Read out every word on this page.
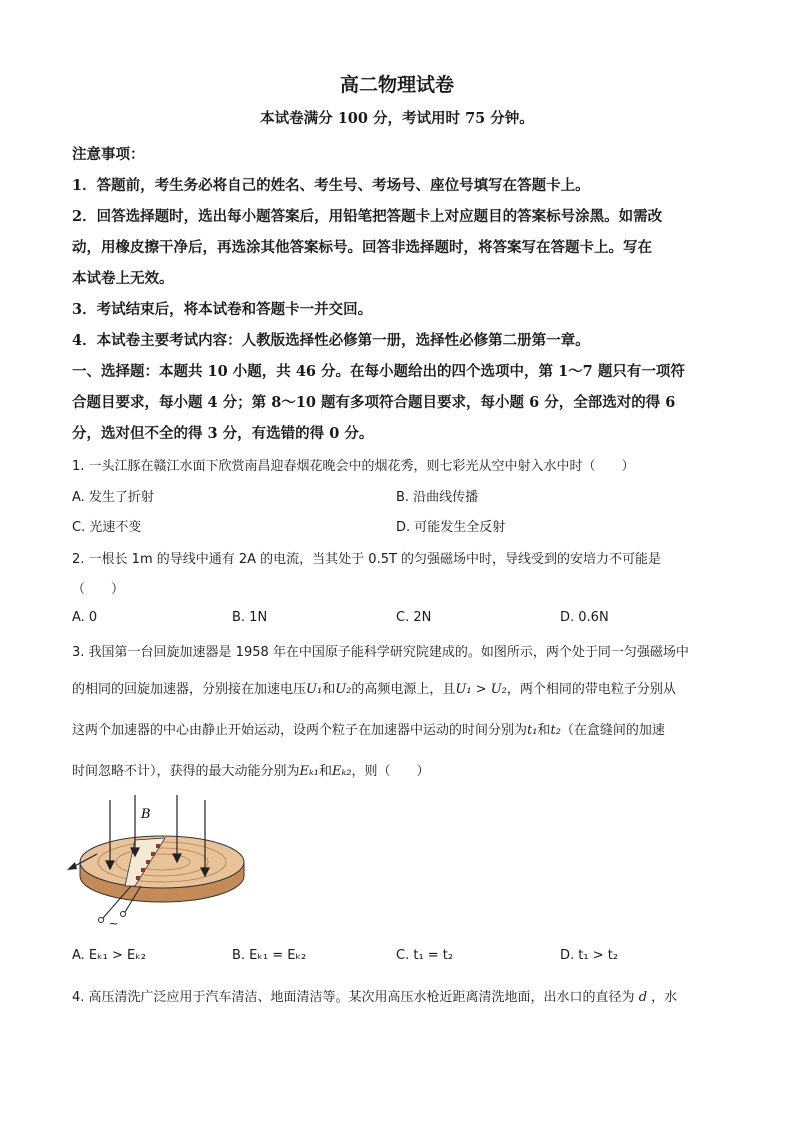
高二物理试卷
本试卷满分 100 分，考试用时 75 分钟。
注意事项：
1．答题前，考生务必将自己的姓名、考生号、考场号、座位号填写在答题卡上。
2．回答选择题时，选出每小题答案后，用铅笔把答题卡上对应题目的答案标号涂黑。如需改
动，用橡皮擦干净后，再选涂其他答案标号。回答非选择题时，将答案写在答题卡上。写在
本试卷上无效。
3．考试结束后，将本试卷和答题卡一并交回。
4．本试卷主要考试内容：人教版选择性必修第一册，选择性必修第二册第一章。
一、选择题：本题共 10 小题，共 46 分。在每小题给出的四个选项中，第 1～7 题只有一项符
合题目要求，每小题 4 分；第 8～10 题有多项符合题目要求，每小题 6 分，全部选对的得 6
分，选对但不全的得 3 分，有选错的得 0 分。
1. 一头江豚在赣江水面下欣赏南昌迎春烟花晚会中的烟花秀，则七彩光从空中射入水中时（　　）
A. 发生了折射	B. 沿曲线传播
C. 光速不变	D. 可能发生全反射
2. 一根长 1m 的导线中通有 2A 的电流，当其处于 0.5T 的匀强磁场中时，导线受到的安培力不可能是
（　　）
A. 0	B. 1N	C. 2N	D. 0.6N
3. 我国第一台回旋加速器是 1958 年在中国原子能科学研究院建成的。如图所示，两个处于同一匀强磁场中
的相同的回旋加速器，分别接在加速电压U₁和U₂的高频电源上，且U₁ > U₂，两个相同的带电粒子分别从
这两个加速器的中心由静止开始运动，设两个粒子在加速器中运动的时间分别为t₁和t₂（在盒缝间的加速
时间忽略不计），获得的最大动能分别为Eₖ₁和Eₖ₂，则（　　）
B
~
A. Eₖ₁ > Eₖ₂	B. Eₖ₁ = Eₖ₂	C. t₁ = t₂	D. t₁ > t₂
4. 高压清洗广泛应用于汽车清洁、地面清洁等。某次用高压水枪近距离清洗地面，出水口的直径为 d ，水
